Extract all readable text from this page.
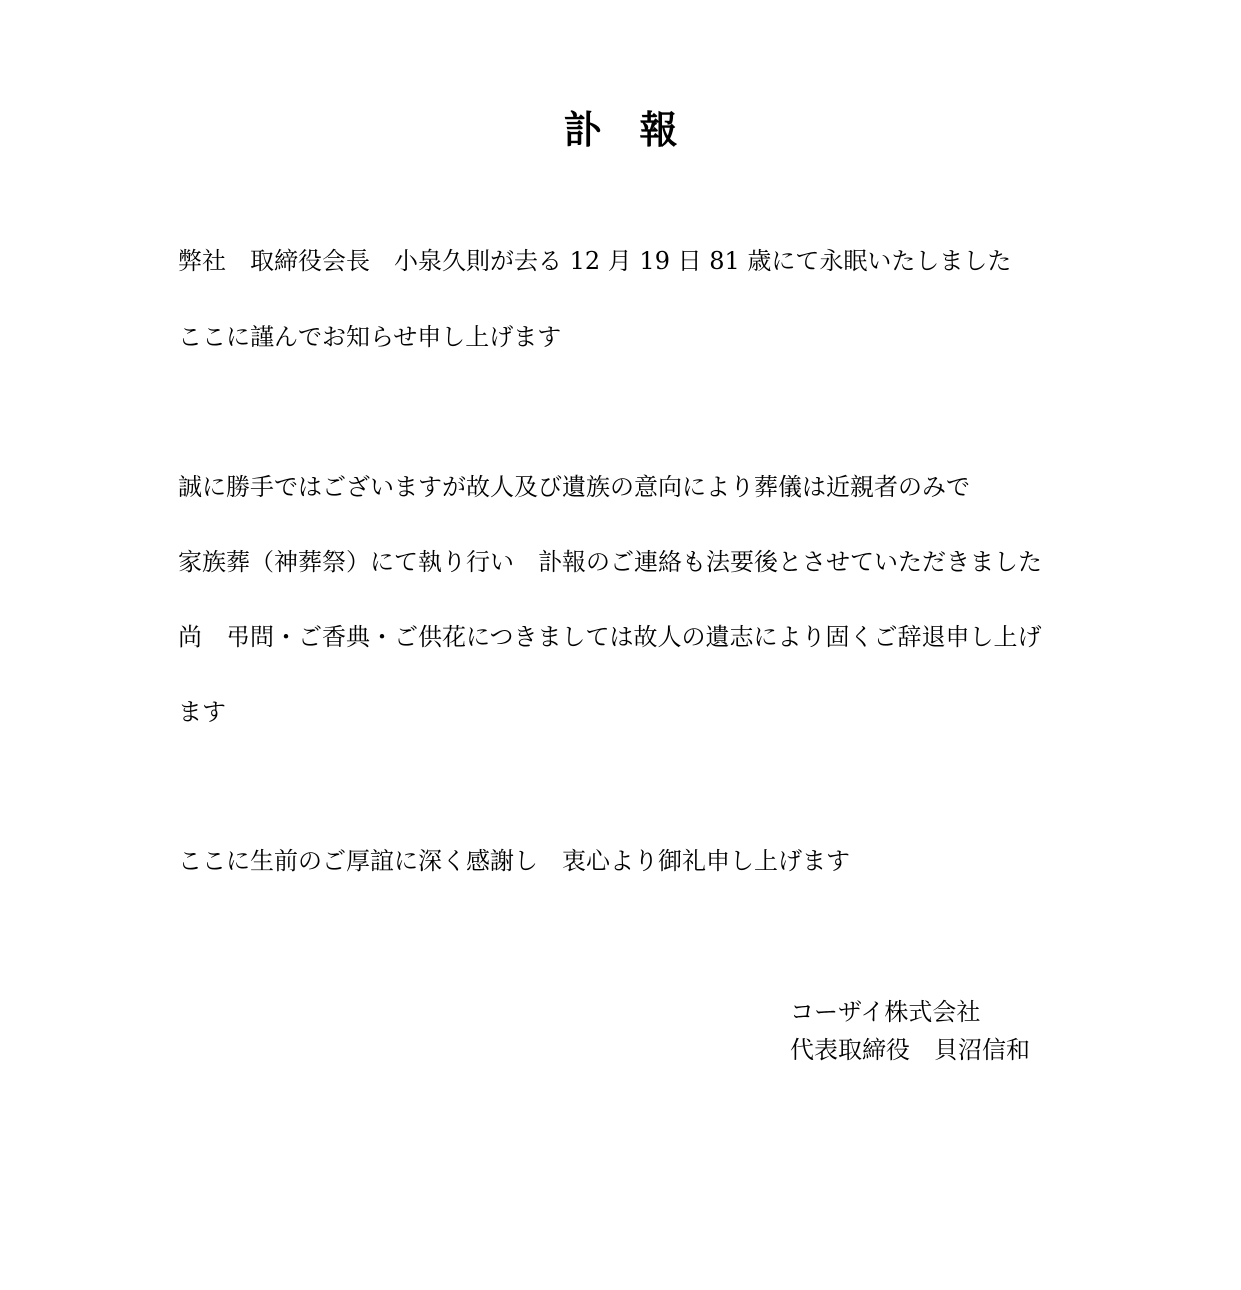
訃　報
弊社　取締役会長　小泉久則が去る 12 月 19 日 81 歳にて永眠いたしました
ここに謹んでお知らせ申し上げます
誠に勝手ではございますが故人及び遺族の意向により葬儀は近親者のみで
家族葬（神葬祭）にて執り行い　訃報のご連絡も法要後とさせていただきました
尚　弔問・ご香典・ご供花につきましては故人の遺志により固くご辞退申し上げ
ます
ここに生前のご厚誼に深く感謝し　衷心より御礼申し上げます
コーザイ株式会社
代表取締役　貝沼信和
